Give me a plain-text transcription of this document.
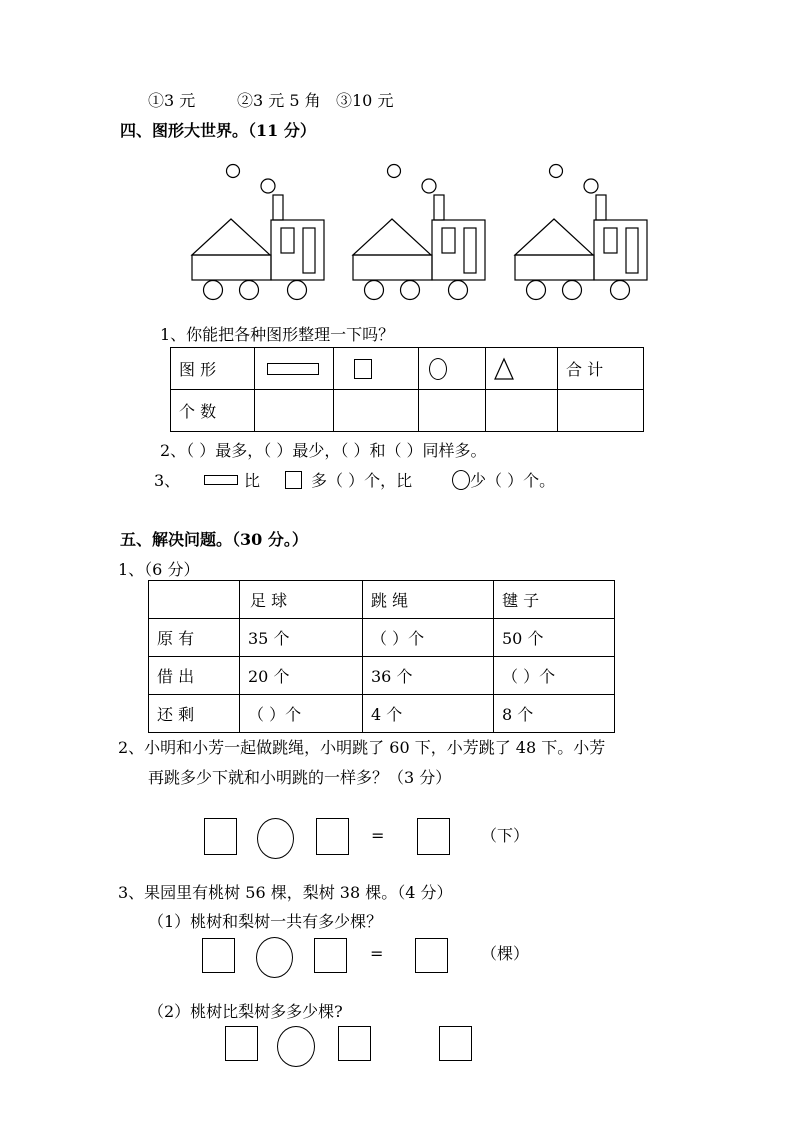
①3 元	②3 元 5 角 ③10 元
四、图形大世界。（11 分）
1、你能把各种图形整理一下吗？
图 形					合 计
个 数					
2、（ ）最多，（ ）最少，（ ）和（ ）同样多。
3、	比	多（ ）个，比	少（ ）个。
五、解决问题。（30 分。）
1、（6 分）
	足 球	跳 绳	毽 子
原 有	35 个	（ ）个	50 个
借 出	20 个	36 个	（ ）个
还 剩	（ ）个	4 个	8 个
2、小明和小芳一起做跳绳，小明跳了 60 下，小芳跳了 48 下。小芳
再跳多少下就和小明跳的一样多？（3 分）
=	（下）
3、果园里有桃树 56 棵，梨树 38 棵。（4 分）
（1）桃树和梨树一共有多少棵？
=	（棵）
（2）桃树比梨树多多少棵?
